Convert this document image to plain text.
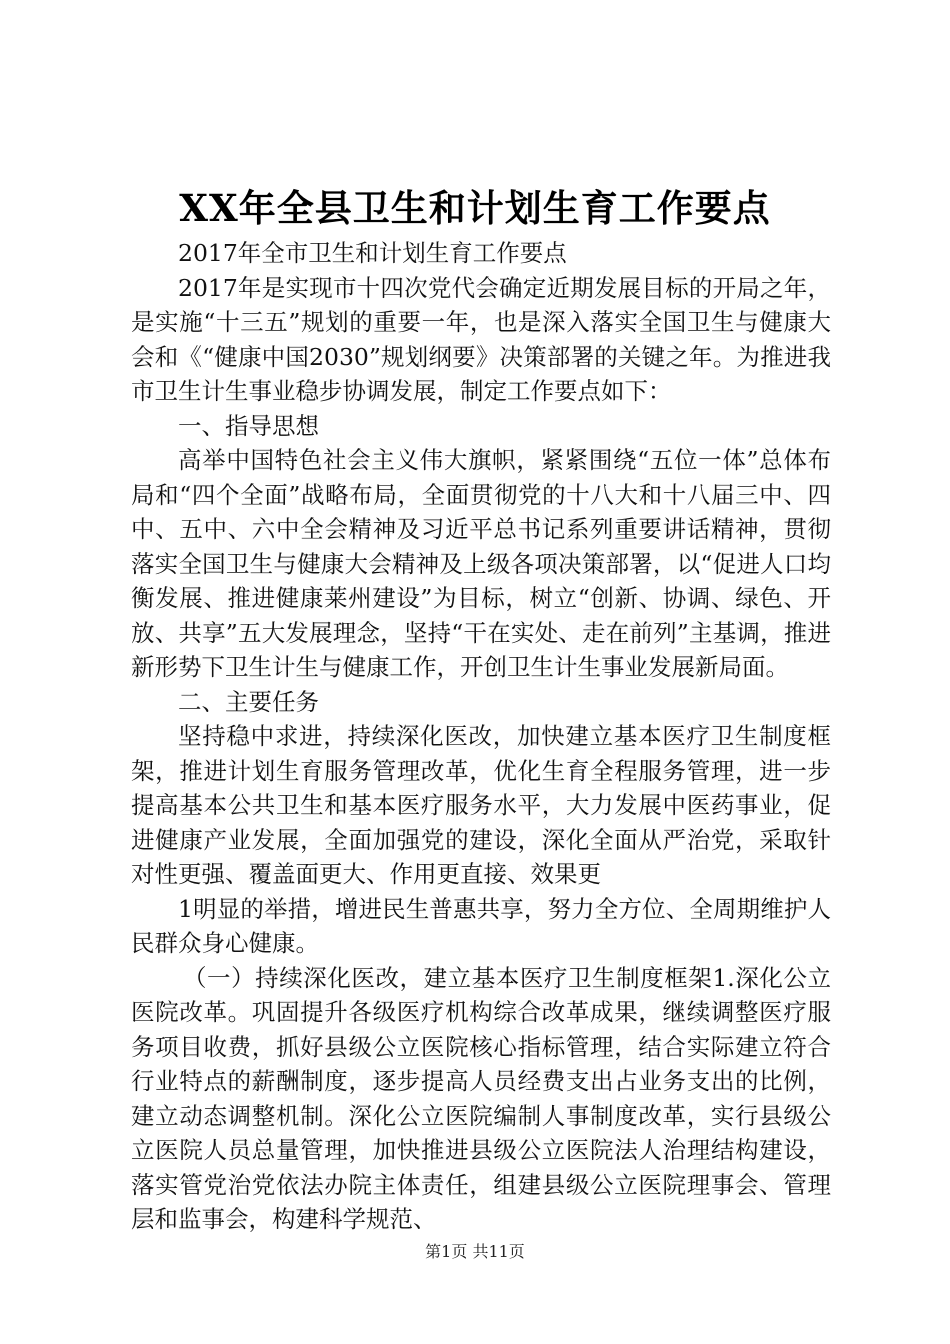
XX年全县卫生和计划生育工作要点

2017年全市卫生和计划生育工作要点

2017年是实现市十四次党代会确定近期发展目标的开局之年，是实施“十三五”规划的重要一年，也是深入落实全国卫生与健康大会和《“健康中国2030”规划纲要》决策部署的关键之年。为推进我市卫生计生事业稳步协调发展，制定工作要点如下：

一、指导思想

高举中国特色社会主义伟大旗帜，紧紧围绕“五位一体”总体布局和“四个全面”战略布局，全面贯彻党的十八大和十八届三中、四中、五中、六中全会精神及习近平总书记系列重要讲话精神，贯彻落实全国卫生与健康大会精神及上级各项决策部署，以“促进人口均衡发展、推进健康莱州建设”为目标，树立“创新、协调、绿色、开放、共享”五大发展理念，坚持“干在实处、走在前列”主基调，推进新形势下卫生计生与健康工作，开创卫生计生事业发展新局面。

二、主要任务

坚持稳中求进，持续深化医改，加快建立基本医疗卫生制度框架，推进计划生育服务管理改革，优化生育全程服务管理，进一步提高基本公共卫生和基本医疗服务水平，大力发展中医药事业，促进健康产业发展，全面加强党的建设，深化全面从严治党，采取针对性更强、覆盖面更大、作用更直接、效果更

1明显的举措，增进民生普惠共享，努力全方位、全周期维护人民群众身心健康。

（一）持续深化医改，建立基本医疗卫生制度框架1.深化公立医院改革。巩固提升各级医疗机构综合改革成果，继续调整医疗服务项目收费，抓好县级公立医院核心指标管理，结合实际建立符合行业特点的薪酬制度，逐步提高人员经费支出占业务支出的比例，建立动态调整机制。深化公立医院编制人事制度改革，实行县级公立医院人员总量管理，加快推进县级公立医院法人治理结构建设，落实管党治党依法办院主体责任，组建县级公立医院理事会、管理层和监事会，构建科学规范、

第1页 共11页
